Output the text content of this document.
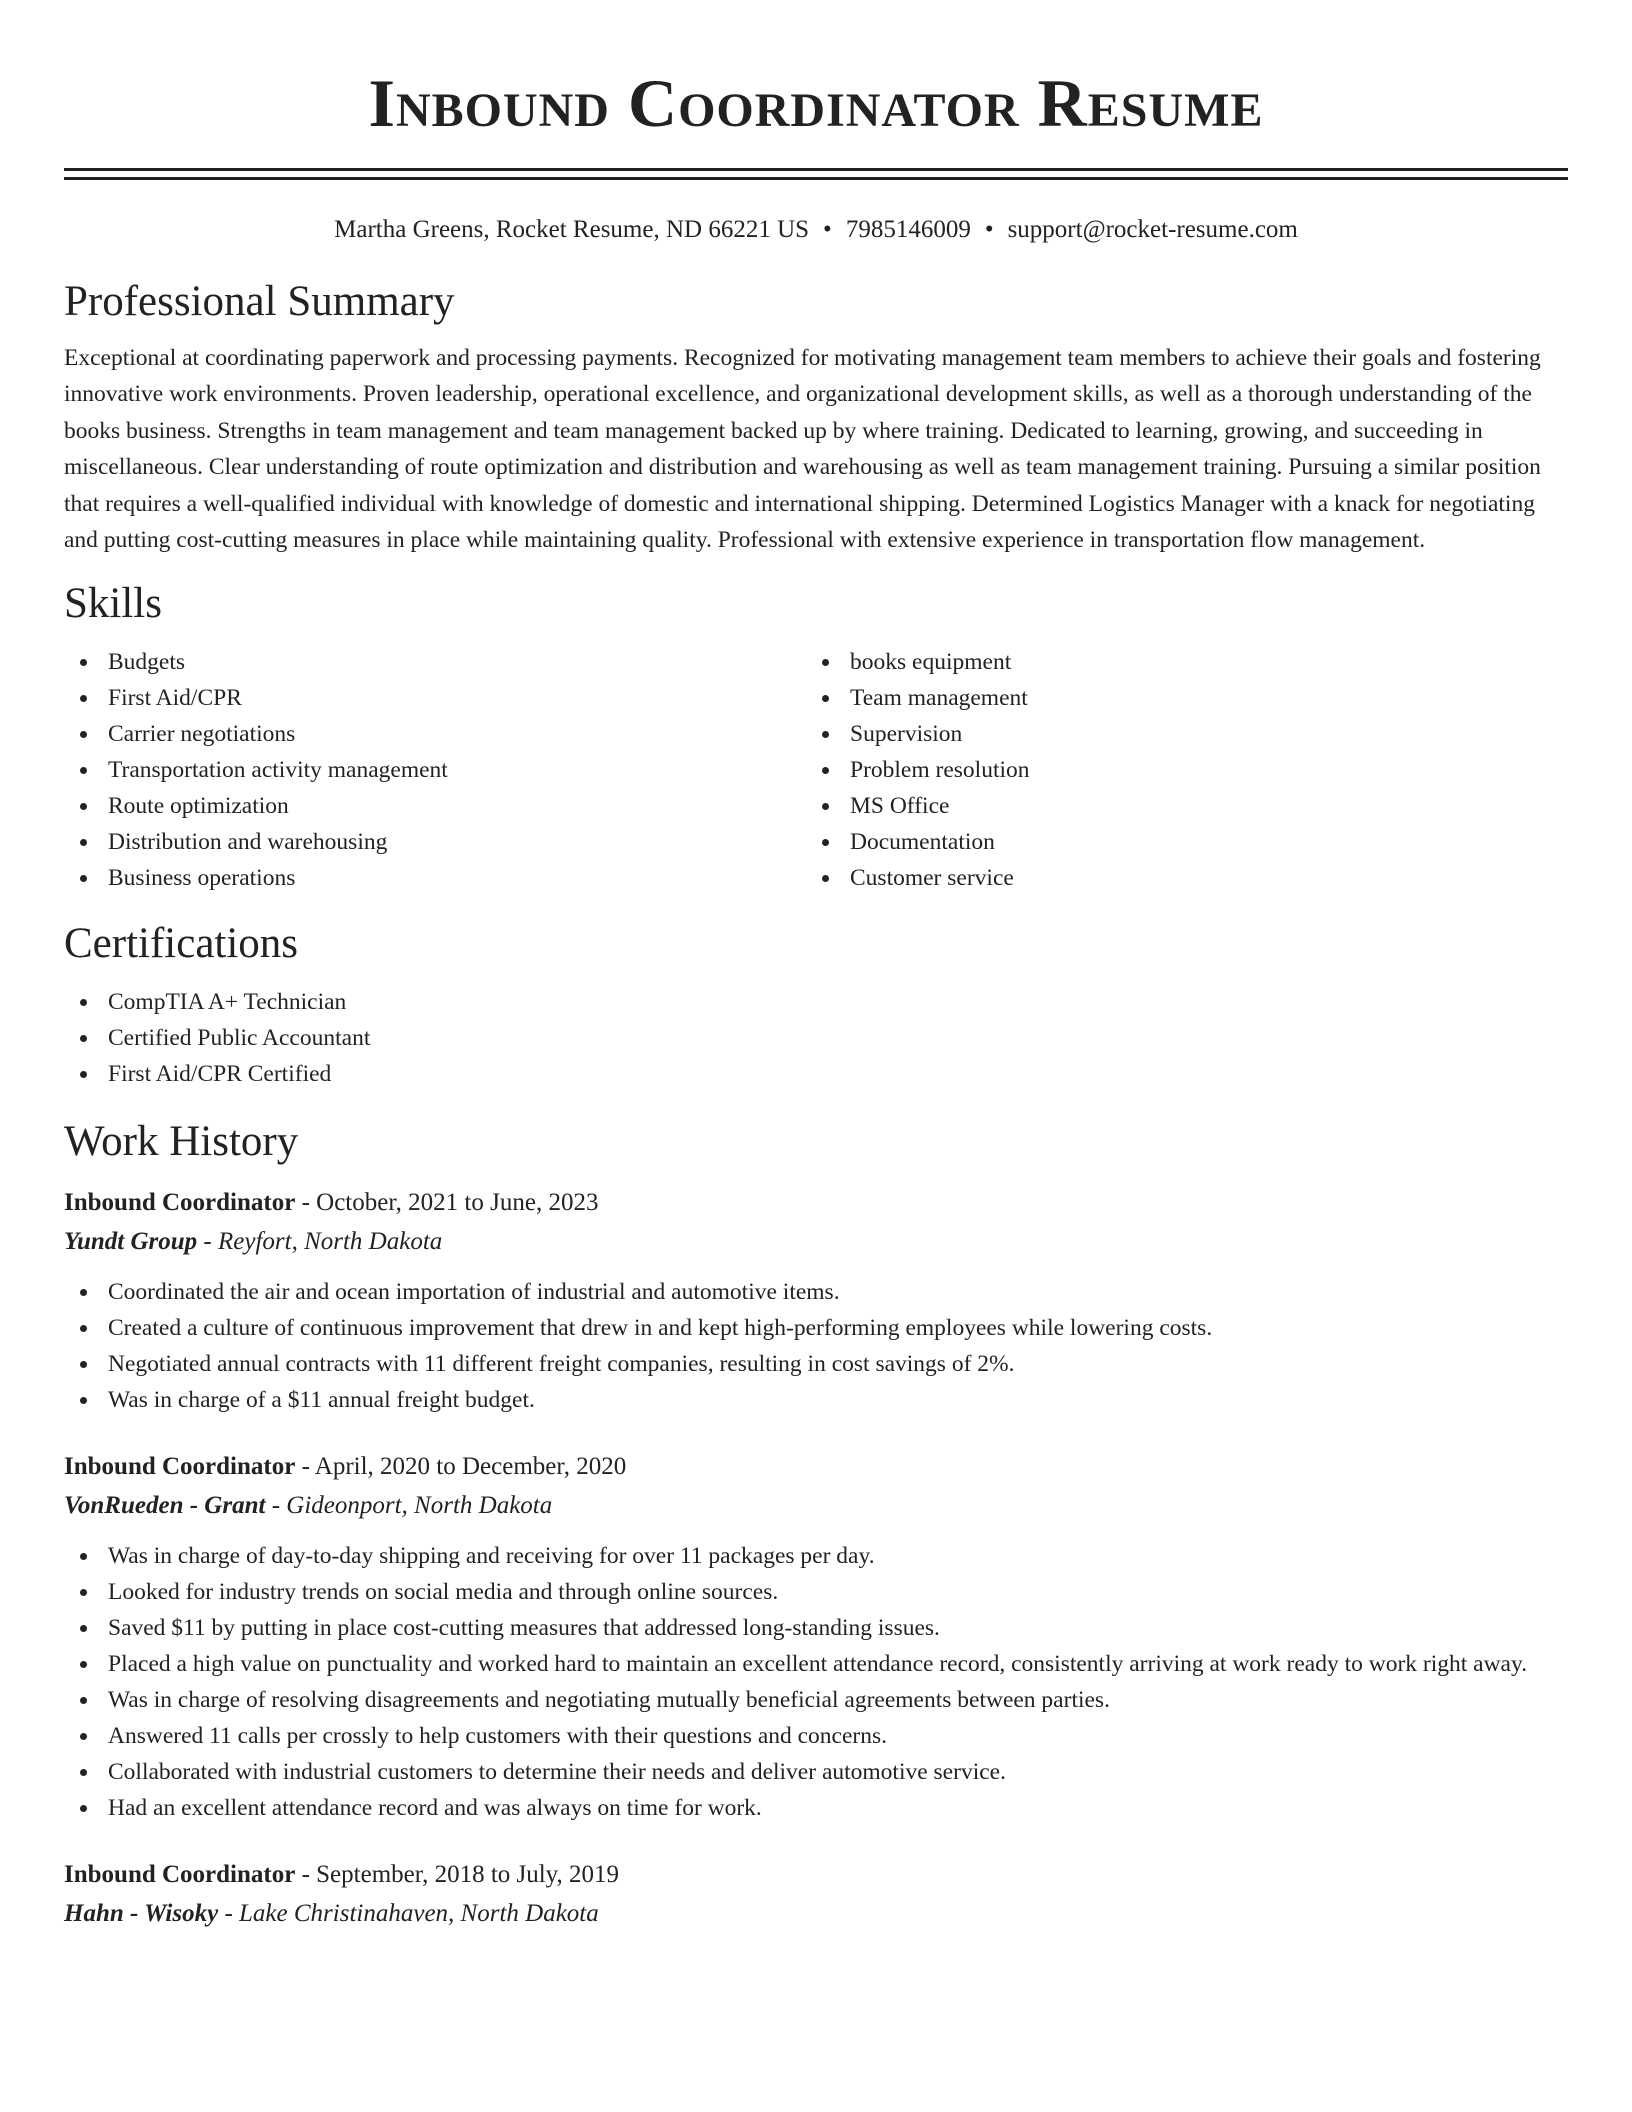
Inbound Coordinator Resume
Martha Greens, Rocket Resume, ND 66221 US • 7985146009 • support@rocket-resume.com
Professional Summary

Exceptional at coordinating paperwork and processing payments. Recognized for motivating management team members to achieve their goals and fostering innovative work environments. Proven leadership, operational excellence, and organizational development skills, as well as a thorough understanding of the books business. Strengths in team management and team management backed up by where training. Dedicated to learning, growing, and succeeding in miscellaneous. Clear understanding of route optimization and distribution and warehousing as well as team management training. Pursuing a similar position that requires a well-qualified individual with knowledge of domestic and international shipping. Determined Logistics Manager with a knack for negotiating and putting cost-cutting measures in place while maintaining quality. Professional with extensive experience in transportation flow management.

Skills
Budgets
First Aid/CPR
Carrier negotiations
Transportation activity management
Route optimization
Distribution and warehousing
Business operations
books equipment
Team management
Supervision
Problem resolution
MS Office
Documentation
Customer service
Certifications
CompTIA A+ Technician
Certified Public Accountant
First Aid/CPR Certified
Work History
Inbound Coordinator - October, 2021 to June, 2023
Yundt Group - Reyfort, North Dakota
Coordinated the air and ocean importation of industrial and automotive items.
Created a culture of continuous improvement that drew in and kept high-performing employees while lowering costs.
Negotiated annual contracts with 11 different freight companies, resulting in cost savings of 2%.
Was in charge of a $11 annual freight budget.
Inbound Coordinator - April, 2020 to December, 2020
VonRueden - Grant - Gideonport, North Dakota
Was in charge of day-to-day shipping and receiving for over 11 packages per day.
Looked for industry trends on social media and through online sources.
Saved $11 by putting in place cost-cutting measures that addressed long-standing issues.
Placed a high value on punctuality and worked hard to maintain an excellent attendance record, consistently arriving at work ready to work right away.
Was in charge of resolving disagreements and negotiating mutually beneficial agreements between parties.
Answered 11 calls per crossly to help customers with their questions and concerns.
Collaborated with industrial customers to determine their needs and deliver automotive service.
Had an excellent attendance record and was always on time for work.
Inbound Coordinator - September, 2018 to July, 2019
Hahn - Wisoky - Lake Christinahaven, North Dakota
